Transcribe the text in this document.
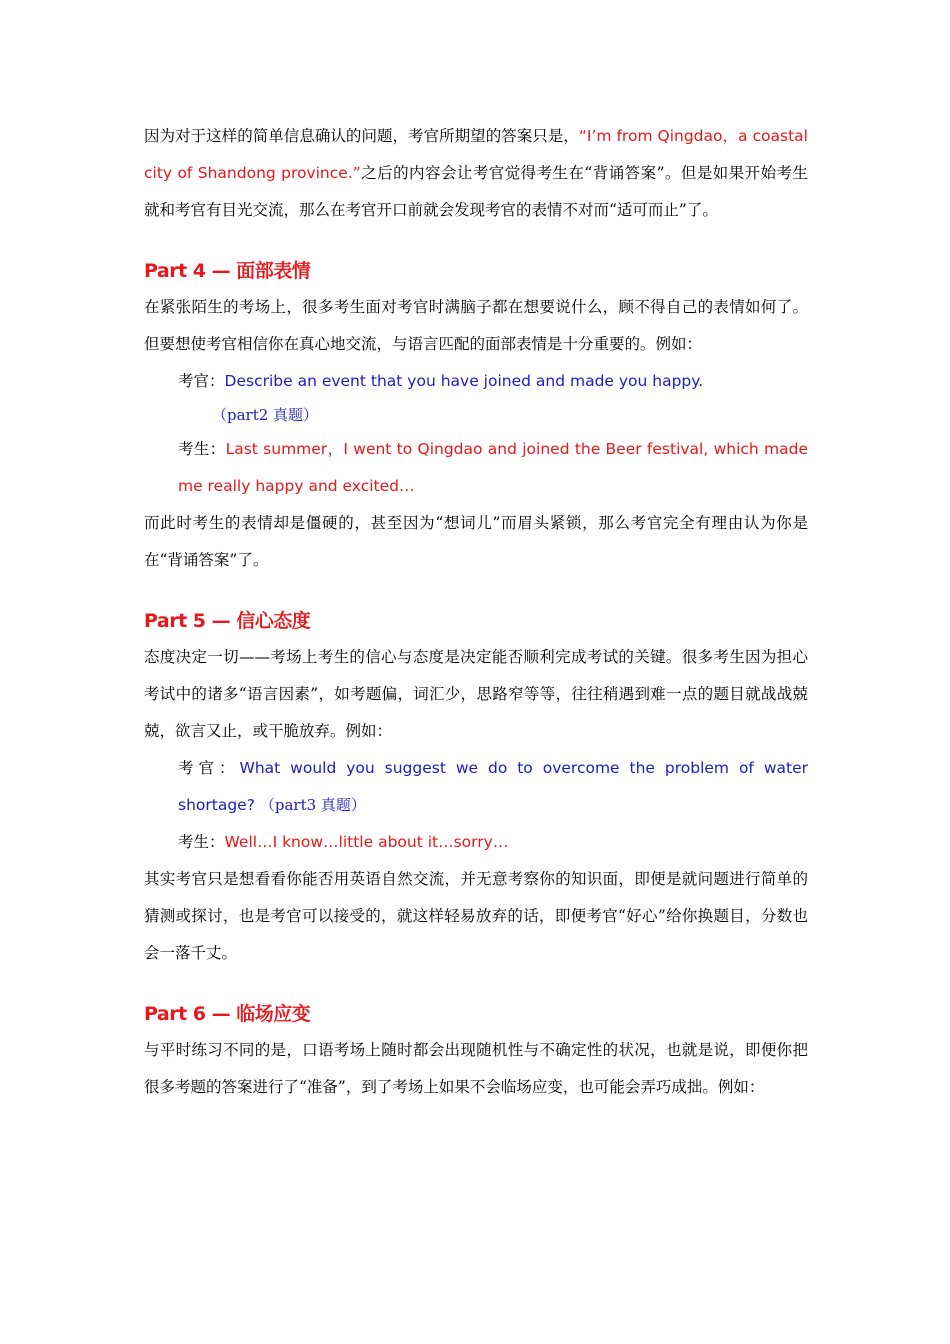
因为对于这样的简单信息确认的问题，考官所期望的答案只是，“I’m from Qingdao，a coastal city of Shandong province.”之后的内容会让考官觉得考生在“背诵答案”。但是如果开始考生就和考官有目光交流，那么在考官开口前就会发现考官的表情不对而“适可而止”了。

Part 4 — 面部表情

在紧张陌生的考场上，很多考生面对考官时满脑子都在想要说什么，顾不得自己的表情如何了。但要想使考官相信你在真心地交流，与语言匹配的面部表情是十分重要的。例如：

考官：Describe an event that you have joined and made you happy.
（part2 真题）
考生：Last summer，I went to Qingdao and joined the Beer festival, which made me really happy and excited…

而此时考生的表情却是僵硬的，甚至因为“想词儿”而眉头紧锁，那么考官完全有理由认为你是在“背诵答案”了。

Part 5 — 信心态度

态度决定一切——考场上考生的信心与态度是决定能否顺利完成考试的关键。很多考生因为担心考试中的诸多“语言因素”，如考题偏，词汇少，思路窄等等，往往稍遇到难一点的题目就战战兢兢，欲言又止，或干脆放弃。例如：

考官：What would you suggest we do to overcome the problem of water shortage? （part3 真题）
考生：Well…I know…little about it…sorry…

其实考官只是想看看你能否用英语自然交流，并无意考察你的知识面，即便是就问题进行简单的猜测或探讨，也是考官可以接受的，就这样轻易放弃的话，即便考官“好心”给你换题目，分数也会一落千丈。

Part 6 — 临场应变

与平时练习不同的是，口语考场上随时都会出现随机性与不确定性的状况，也就是说，即便你把很多考题的答案进行了“准备”，到了考场上如果不会临场应变，也可能会弄巧成拙。例如：
